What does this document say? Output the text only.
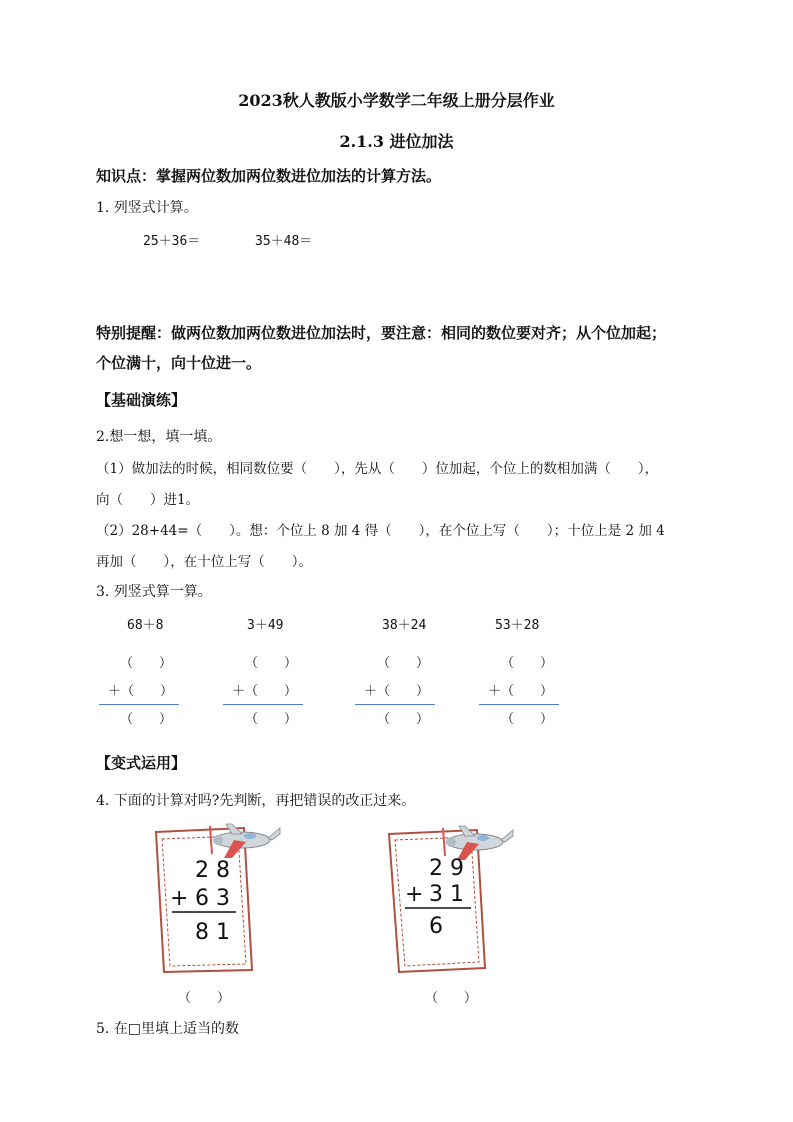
2023秋人教版小学数学二年级上册分层作业
2.1.3 进位加法
知识点：掌握两位数加两位数进位加法的计算方法。
1. 列竖式计算。
25＋36＝	35＋48＝
特别提醒：做两位数加两位数进位加法时，要注意：相同的数位要对齐；从个位加起；
个位满十，向十位进一。
【基础演练】
2.想一想，填一填。
（1）做加法的时候，相同数位要（　　），先从（　　）位加起，个位上的数相加满（　　），
向（　　）进1。
（2）28+44=（　　）。想：个位上 8 加 4 得（　　），在个位上写（　　）；十位上是 2 加 4
再加（　　），在十位上写（　　）。
3. 列竖式算一算。
68＋8	3＋49	38＋24	53＋28
（　　）
＋（　　）
（　　）
（　　）
＋（　　）
（　　）
（　　）
＋（　　）
（　　）
（　　）
＋（　　）
（　　）
【变式运用】
4. 下面的计算对吗?先判断，再把错误的改正过来。
2 8
+ 6 3
8 1
（　　）
2 9
+ 3 1
6
（　　）
5. 在□里填上适当的数
